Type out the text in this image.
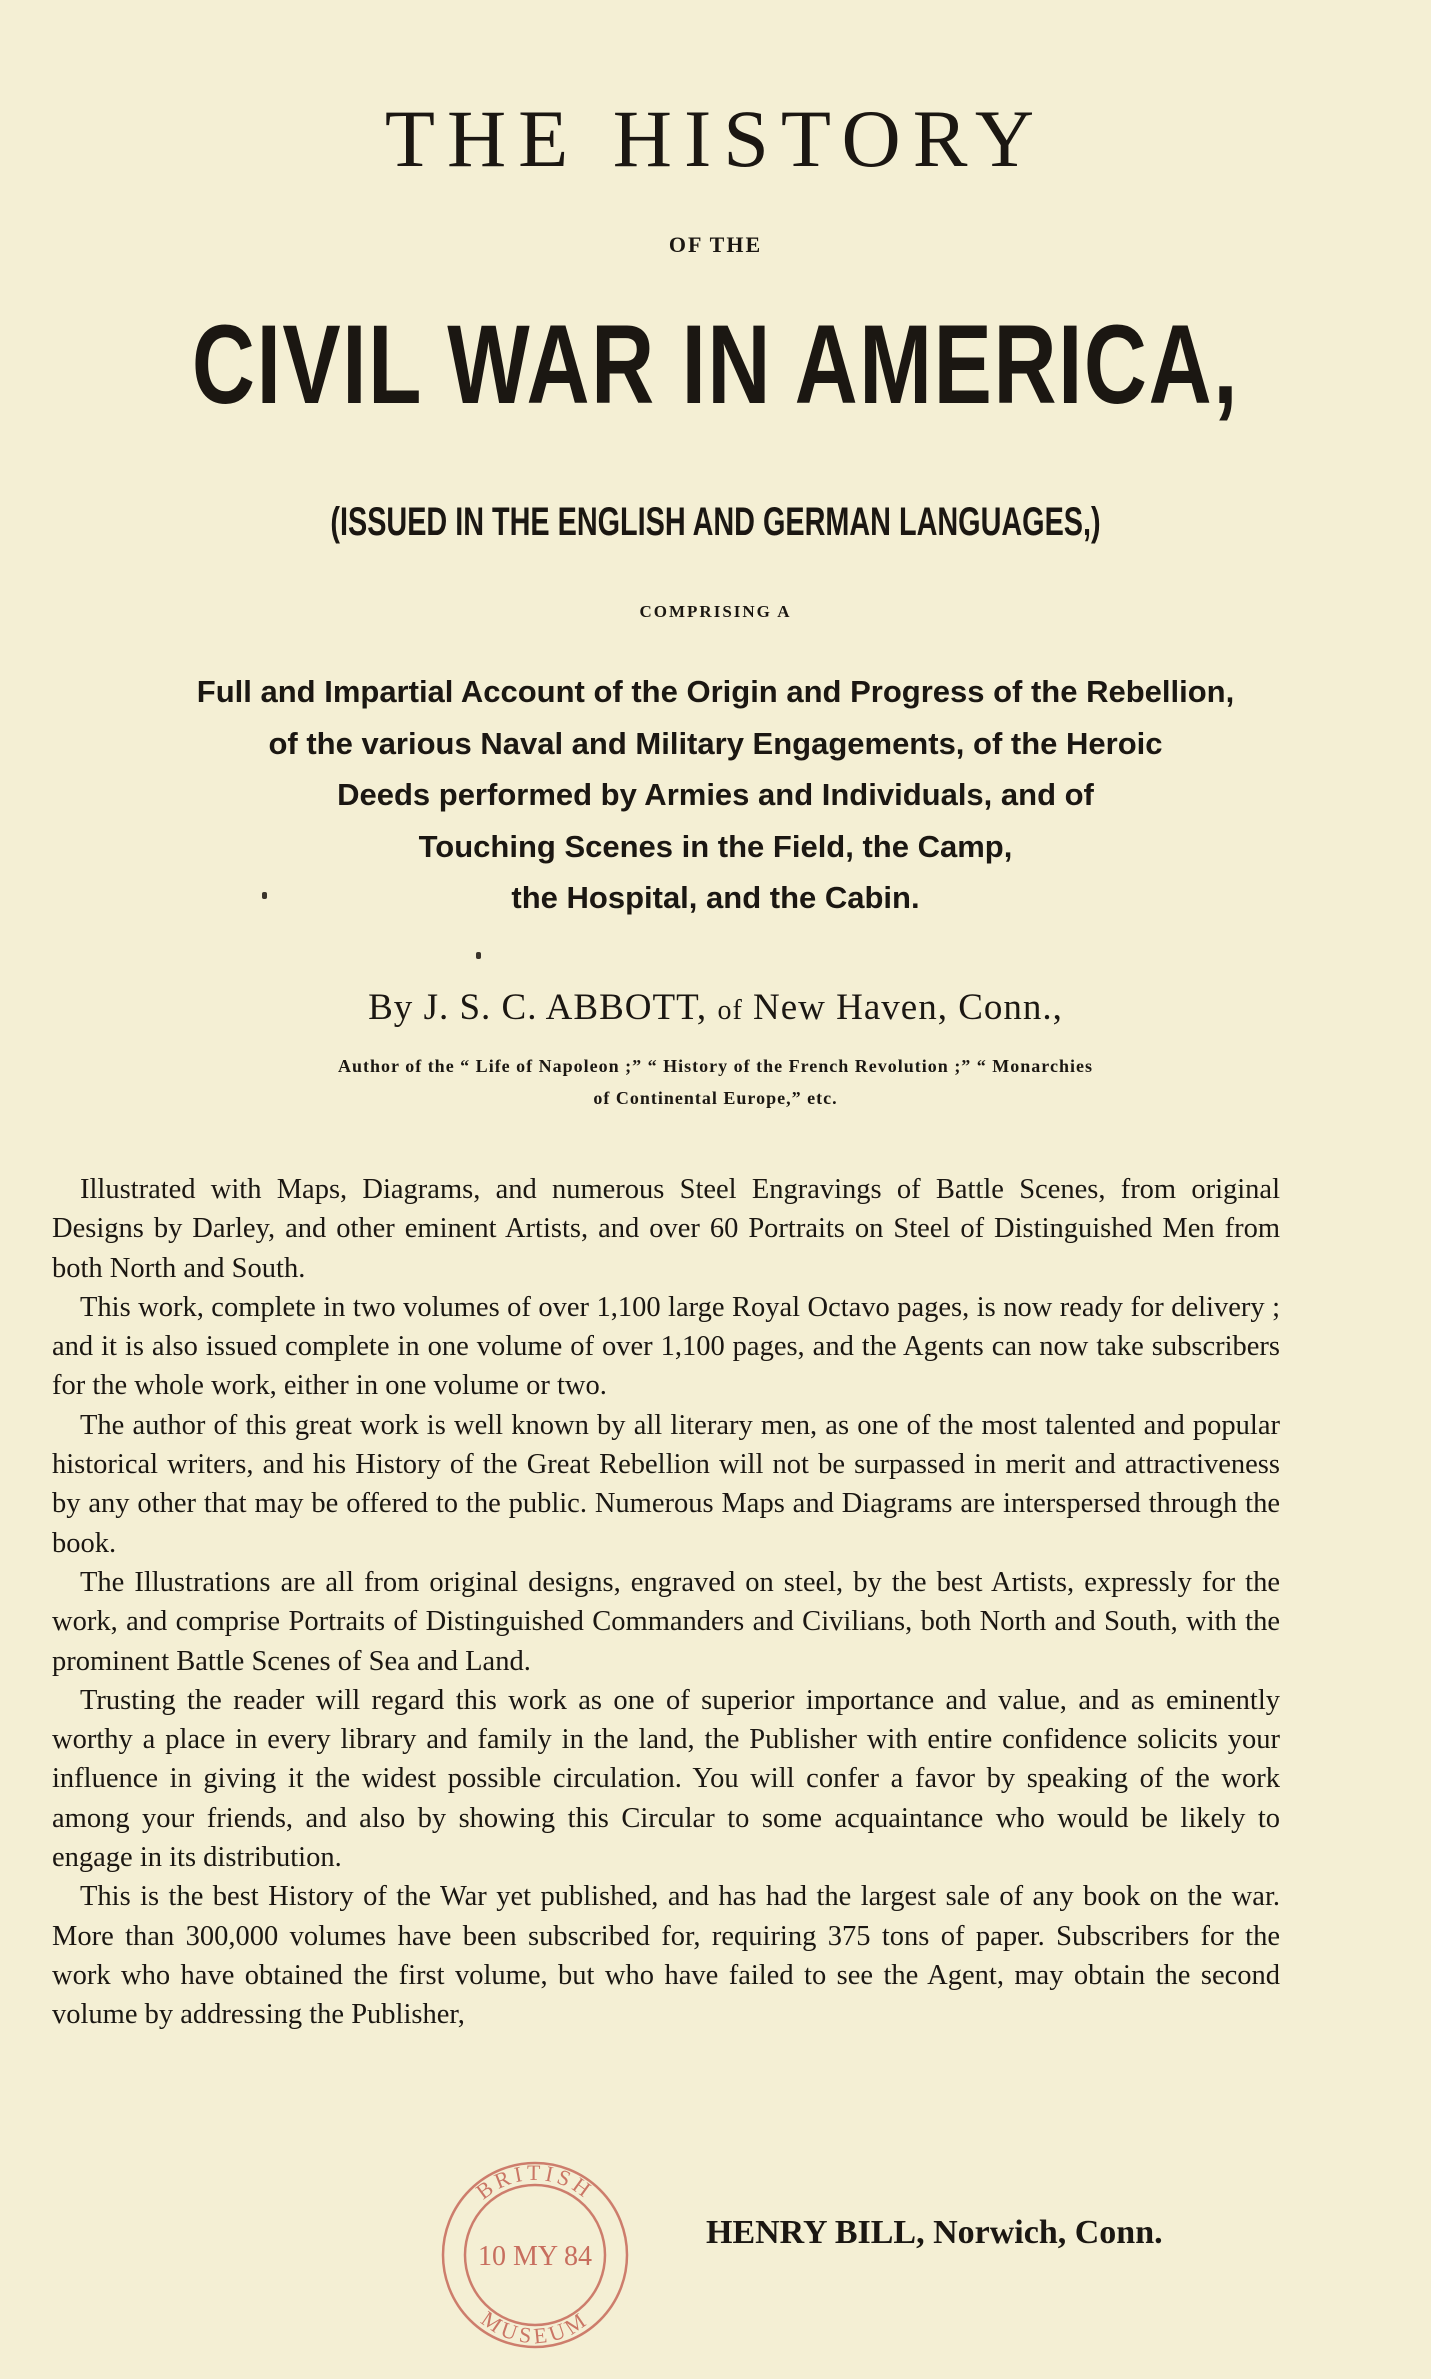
THE HISTORY
OF THE
CIVIL WAR IN AMERICA,
(ISSUED IN THE ENGLISH AND GERMAN LANGUAGES,)
COMPRISING A
Full and Impartial Account of the Origin and Progress of the Rebellion,
of the various Naval and Military Engagements, of the Heroic
Deeds performed by Armies and Individuals, and of
Touching Scenes in the Field, the Camp,
the Hospital, and the Cabin.
By J. S. C. ABBOTT, of New Haven, Conn.,
Author of the “ Life of Napoleon ;” “ History of the French Revolution ;” “ Monarchies
of Continental Europe,” etc.

Illustrated with Maps, Diagrams, and numerous Steel Engravings of Battle Scenes, from original Designs by Darley, and other eminent Artists, and over 60 Portraits on Steel of Distinguished Men from both North and South.

This work, complete in two volumes of over 1,100 large Royal Octavo pages, is now ready for delivery ; and it is also issued complete in one volume of over 1,100 pages, and the Agents can now take subscribers for the whole work, either in one volume or two.

The author of this great work is well known by all literary men, as one of the most talented and popular historical writers, and his History of the Great Rebellion will not be surpassed in merit and attractiveness by any other that may be offered to the public. Numerous Maps and Diagrams are interspersed through the book.

The Illustrations are all from original designs, engraved on steel, by the best Artists, expressly for the work, and comprise Portraits of Distinguished Commanders and Civilians, both North and South, with the prominent Battle Scenes of Sea and Land.

Trusting the reader will regard this work as one of superior importance and value, and as eminently worthy a place in every library and family in the land, the Publisher with entire confidence solicits your influence in giving it the widest possible circulation. You will confer a favor by speaking of the work among your friends, and also by showing this Circular to some acquaintance who would be likely to engage in its distribution.

This is the best History of the War yet published, and has had the largest sale of any book on the war. More than 300,000 volumes have been subscribed for, requiring 375 tons of paper. Subscribers for the work who have obtained the first volume, but who have failed to see the Agent, may obtain the second volume by addressing the Publisher,

BRITISH
10 MY 84
MUSEUM
HENRY BILL, Norwich, Conn.
